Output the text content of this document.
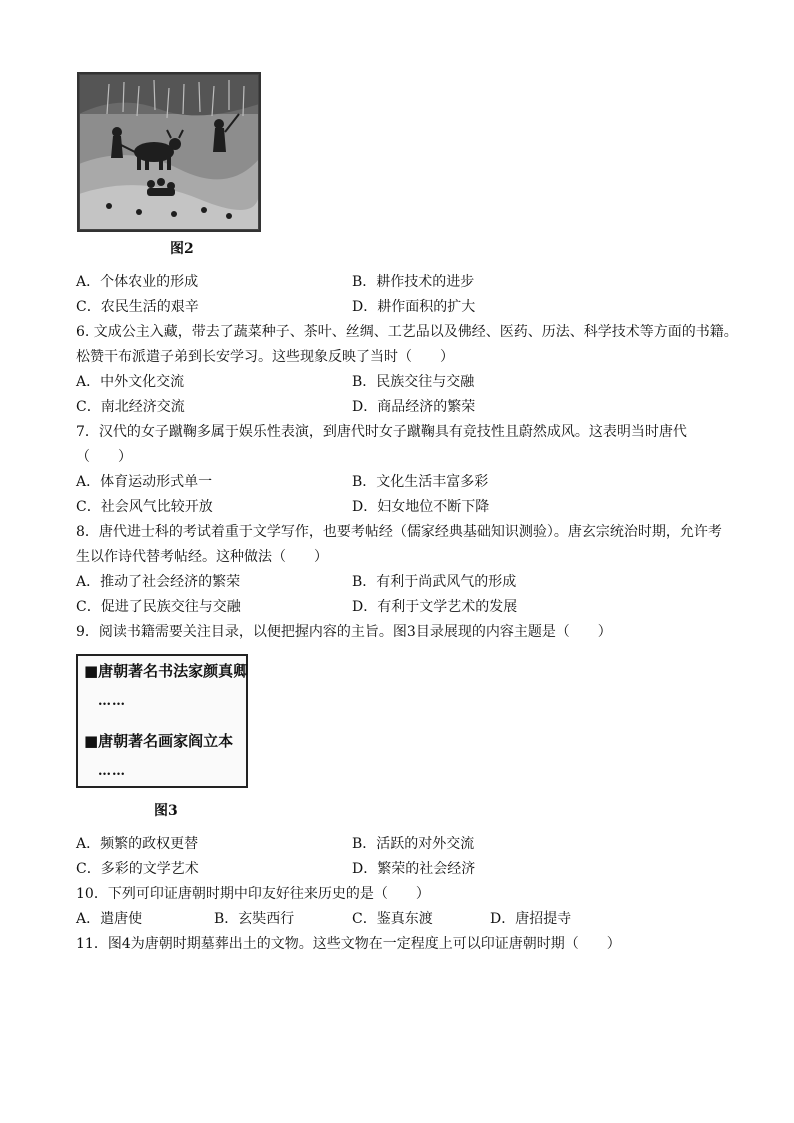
图2
A．个体农业的形成	B．耕作技术的进步
C．农民生活的艰辛	D．耕作面积的扩大
6. 文成公主入藏，带去了蔬菜种子、茶叶、丝绸、工艺品以及佛经、医药、历法、科学技术等方面的书籍。
松赞干布派遣子弟到长安学习。这些现象反映了当时（　　）
A．中外文化交流	B．民族交往与交融
C．南北经济交流	D．商品经济的繁荣
7．汉代的女子蹴鞠多属于娱乐性表演，到唐代时女子蹴鞠具有竞技性且蔚然成风。这表明当时唐代
（　　）
A．体育运动形式单一	B．文化生活丰富多彩
C．社会风气比较开放	D．妇女地位不断下降
8．唐代进士科的考试着重于文学写作，也要考帖经（儒家经典基础知识测验）。唐玄宗统治时期，允许考
生以作诗代替考帖经。这种做法（　　）
A．推动了社会经济的繁荣	B．有利于尚武风气的形成
C．促进了民族交往与交融	D．有利于文学艺术的发展
9．阅读书籍需要关注目录，以便把握内容的主旨。图3目录展现的内容主题是（　　）
■唐朝著名书法家颜真卿
……
■唐朝著名画家阎立本
……
图3
A．频繁的政权更替	B．活跃的对外交流
C．多彩的文学艺术	D．繁荣的社会经济
10．下列可印证唐朝时期中印友好往来历史的是（　　）
A．遣唐使	B．玄奘西行	C．鉴真东渡	D．唐招提寺
11．图4为唐朝时期墓葬出土的文物。这些文物在一定程度上可以印证唐朝时期（　　）
